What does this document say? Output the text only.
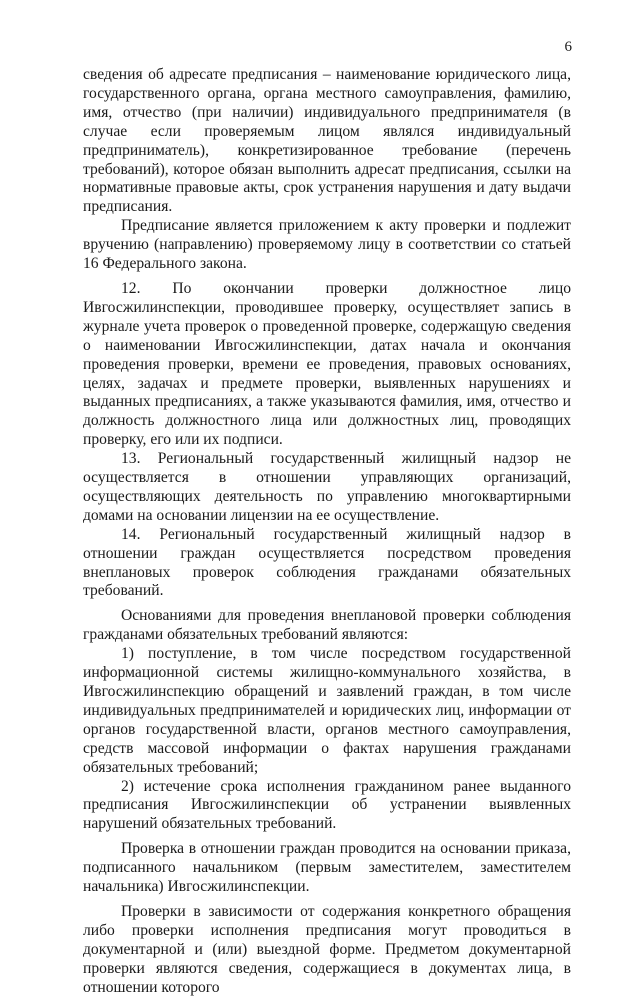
6

сведения об адресате предписания – наименование юридического лица, государственного органа, органа местного самоуправления, фамилию, имя, отчество (при наличии) индивидуального предпринимателя (в случае если проверяемым лицом являлся индивидуальный предприниматель), конкретизированное требование (перечень требований), которое обязан выполнить адресат предписания, ссылки на нормативные правовые акты, срок устранения нарушения и дату выдачи предписания.

Предписание является приложением к акту проверки и подлежит вручению (направлению) проверяемому лицу в соответствии со статьей 16 Федерального закона.

12. По окончании проверки должностное лицо Ивгосжилинспекции, проводившее проверку, осуществляет запись в журнале учета проверок о проведенной проверке, содержащую сведения о наименовании Ивгосжилинспекции, датах начала и окончания проведения проверки, времени ее проведения, правовых основаниях, целях, задачах и предмете проверки, выявленных нарушениях и выданных предписаниях, а также указываются фамилия, имя, отчество и должность должностного лица или должностных лиц, проводящих проверку, его или их подписи.

13. Региональный государственный жилищный надзор не осуществляется в отношении управляющих организаций, осуществляющих деятельность по управлению многоквартирными домами на основании лицензии на ее осуществление.

14. Региональный государственный жилищный надзор в отношении граждан осуществляется посредством проведения внеплановых проверок соблюдения гражданами обязательных требований.

Основаниями для проведения внеплановой проверки соблюдения гражданами обязательных требований являются:

1) поступление, в том числе посредством государственной информационной системы жилищно-коммунального хозяйства, в Ивгосжилинспекцию обращений и заявлений граждан, в том числе индивидуальных предпринимателей и юридических лиц, информации от органов государственной власти, органов местного самоуправления, средств массовой информации о фактах нарушения гражданами обязательных требований;

2) истечение срока исполнения гражданином ранее выданного предписания Ивгосжилинспекции об устранении выявленных нарушений обязательных требований.

Проверка в отношении граждан проводится на основании приказа, подписанного начальником (первым заместителем, заместителем начальника) Ивгосжилинспекции.

Проверки в зависимости от содержания конкретного обращения либо проверки исполнения предписания могут проводиться в документарной и (или) выездной форме. Предметом документарной проверки являются сведения, содержащиеся в документах лица, в отношении которого
